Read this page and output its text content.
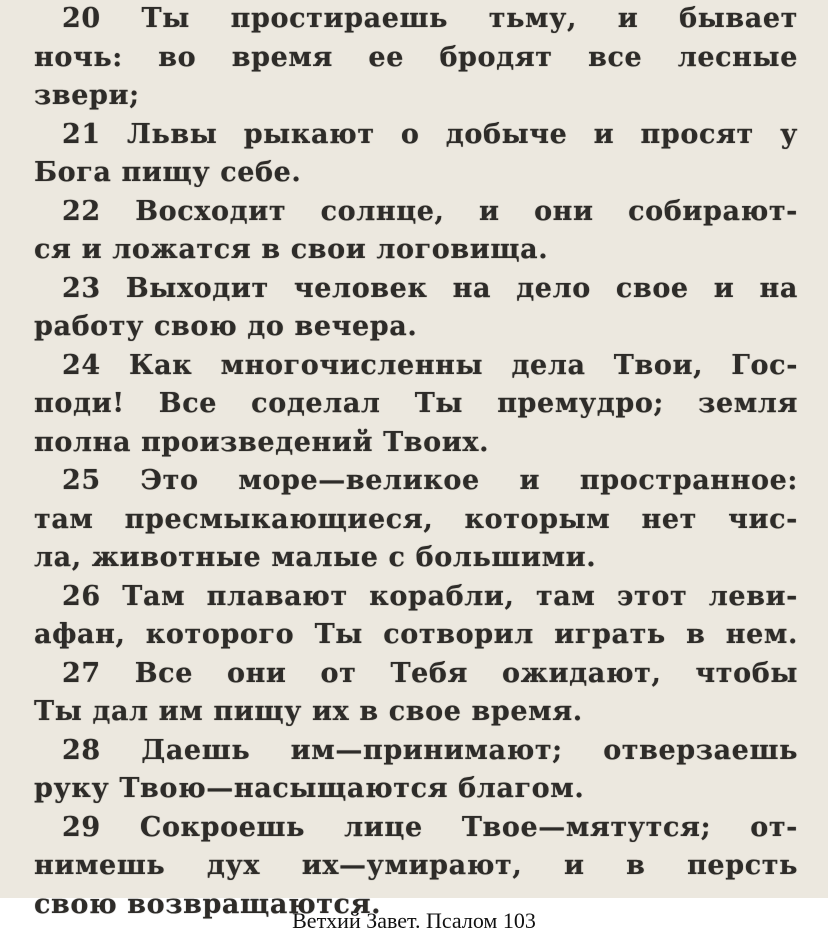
20 Ты простираешь тьму, и бывает
ночь: во время ее бродят все лесные
звери;
21 Львы рыкают о добыче и просят у
Бога пищу себе.
22 Восходит солнце, и они собирают-
ся и ложатся в свои логовища.
23 Выходит человек на дело свое и на
работу свою до вечера.
24 Как многочисленны дела Твои, Гос-
поди! Все соделал Ты премудро; земля
полна произведений Твоих.
25 Это море—великое и пространное:
там пресмыкающиеся, которым нет чис-
ла, животные малые с большими.
26 Там плавают корабли, там этот леви-
афан, которого Ты сотворил играть в нем.
27 Все они от Тебя ожидают, чтобы
Ты дал им пищу их в свое время.
28 Даешь им—принимают; отверзаешь
руку Твою—насыщаются благом.
29 Сокроешь лице Твое—мятутся; от-
нимешь дух их—умирают, и в персть
свою возвращаются.
Ветхий Завет. Псалом 103
